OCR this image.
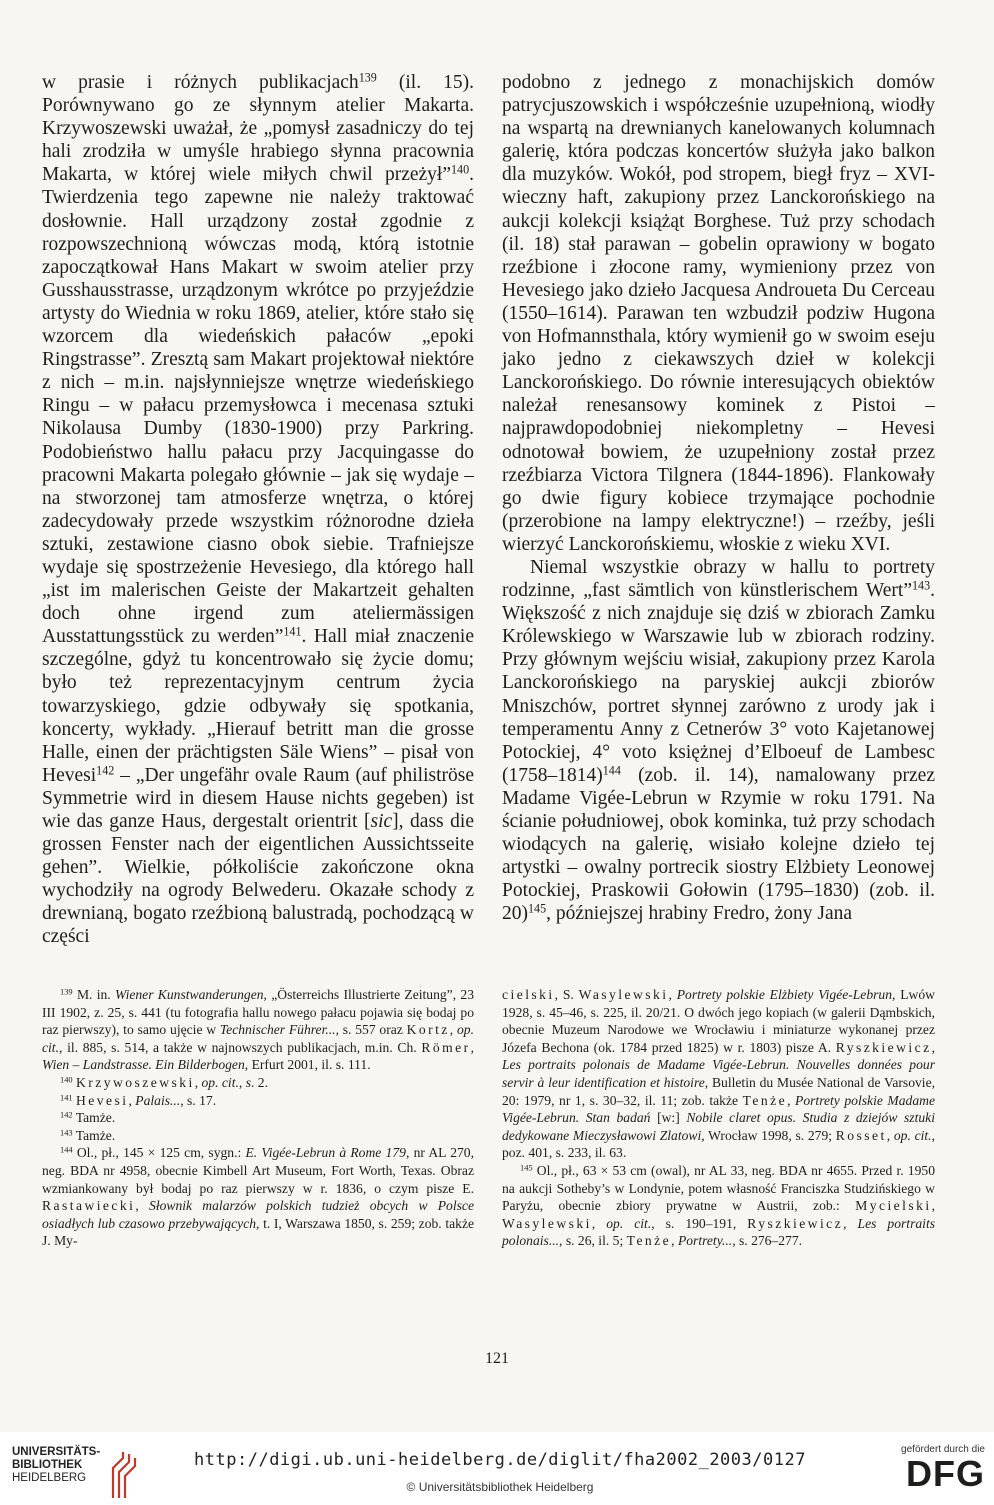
w prasie i różnych publikacjach$^{139}$ (il. 15). Porównywano go ze słynnym atelier Makarta. Krzywoszewski uważał, że „pomysł zasadniczy do tej hali zrodziła w umyśle hrabiego słynna pracownia Makarta, w której wiele miłych chwil przeżył”$^{140}$. Twierdzenia tego zapewne nie należy traktować dosłownie. Hall urządzony został zgodnie z rozpowszechnioną wówczas modą, którą istotnie zapoczątkował Hans Makart w swoim atelier przy Gusshausstrasse, urządzonym wkrótce po przyjeździe artysty do Wiednia w roku 1869, atelier, które stało się wzorcem dla wiedeńskich pałaców „epoki Ringstrasse”. Zresztą sam Makart projektował niektóre z nich – m.in. najsłynniejsze wnętrze wiedeńskiego Ringu – w pałacu przemysłowca i mecenasa sztuki Nikolausa Dumby (1830-1900) przy Parkring. Podobieństwo hallu pałacu przy Jacquingasse do pracowni Makarta polegało głównie – jak się wydaje – na stworzonej tam atmosferze wnętrza, o której zadecydowały przede wszystkim różnorodne dzieła sztuki, zestawione ciasno obok siebie. Trafniejsze wydaje się spostrzeżenie Hevesiego, dla którego hall „ist im malerischen Geiste der Makartzeit gehalten doch ohne irgend zum ateliermässigen Ausstattungsstück zu werden”$^{141}$. Hall miał znaczenie szczególne, gdyż tu koncentrowało się życie domu; było też reprezentacyjnym centrum życia towarzyskiego, gdzie odbywały się spotkania, koncerty, wykłady. „Hierauf betritt man die grosse Halle, einen der prächtigsten Säle Wiens” – pisał von Hevesi$^{142}$ – „Der ungefähr ovale Raum (auf philiströse Symmetrie wird in diesem Hause nichts gegeben) ist wie das ganze Haus, dergestalt orientrit [sic], dass die grossen Fenster nach der eigentlichen Aussichtsseite gehen”. Wielkie, półkoliście zakończone okna wychodziły na ogrody Belwederu. Okazałe schody z drewnianą, bogato rzeźbioną balustradą, pochodzącą w części

podobno z jednego z monachijskich domów patrycjuszowskich i współcześnie uzupełnioną, wiodły na wspartą na drewnianych kanelowanych kolumnach galerię, która podczas koncertów służyła jako balkon dla muzyków. Wokół, pod stropem, biegł fryz – XVI-wieczny haft, zakupiony przez Lanckorońskiego na aukcji kolekcji książąt Borghese. Tuż przy schodach (il. 18) stał parawan – gobelin oprawiony w bogato rzeźbione i złocone ramy, wymieniony przez von Hevesiego jako dzieło Jacquesa Androueta Du Cerceau (1550–1614). Parawan ten wzbudził podziw Hugona von Hofmannsthala, który wymienił go w swoim eseju jako jedno z ciekawszych dzieł w kolekcji Lanckorońskiego. Do równie interesujących obiektów należał renesansowy kominek z Pistoi – najprawdopodobniej niekompletny – Hevesi odnotował bowiem, że uzupełniony został przez rzeźbiarza Victora Tilgnera (1844-1896). Flankowały go dwie figury kobiece trzymające pochodnie (przerobione na lampy elektryczne!) – rzeźby, jeśli wierzyć Lanckorońskiemu, włoskie z wieku XVI.

Niemal wszystkie obrazy w hallu to portrety rodzinne, „fast sämtlich von künstlerischem Wert”$^{143}$. Większość z nich znajduje się dziś w zbiorach Zamku Królewskiego w Warszawie lub w zbiorach rodziny. Przy głównym wejściu wisiał, zakupiony przez Karola Lanckorońskiego na paryskiej aukcji zbiorów Mniszchów, portret słynnej zarówno z urody jak i temperamentu Anny z Cetnerów 3° voto Kajetanowej Potockiej, 4° voto księżnej d’Elboeuf de Lambesc (1758–1814)$^{144}$ (zob. il. 14), namalowany przez Madame Vigée-Lebrun w Rzymie w roku 1791. Na ścianie południowej, obok kominka, tuż przy schodach wiodących na galerię, wisiało kolejne dzieło tej artystki – owalny portrecik siostry Elżbiety Leonowej Potockiej, Praskowii Gołowin (1795–1830) (zob. il. 20)$^{145}$, późniejszej hrabiny Fredro, żony Jana

$^{139}$ M. in. Wiener Kunstwanderungen, „Österreichs Illustrierte Zeitung”, 23 III 1902, z. 25, s. 441 (tu fotografia hallu nowego pałacu pojawia się bodaj po raz pierwszy), to samo ujęcie w Technischer Führer..., s. 557 oraz Kortz, op. cit., il. 885, s. 514, a także w najnowszych publikacjach, m.in. Ch. Römer, Wien – Landstrasse. Ein Bilderbogen, Erfurt 2001, il. s. 111.

$^{140}$ Krzywoszewski, op. cit., s. 2.

$^{141}$ Hevesi, Palais..., s. 17.

$^{142}$ Tamże.

$^{143}$ Tamże.

$^{144}$ Ol., pł., 145 × 125 cm, sygn.: E. Vigée-Lebrun à Rome 179, nr AL 270, neg. BDA nr 4958, obecnie Kimbell Art Museum, Fort Worth, Texas. Obraz wzmiankowany był bodaj po raz pierwszy w r. 1836, o czym pisze E. Rastawiecki, Słownik malarzów polskich tudzież obcych w Polsce osiadłych lub czasowo przebywających, t. I, Warszawa 1850, s. 259; zob. także J. My-

cielski, S. Wasylewski, Portrety polskie Elżbiety Vigée-Lebrun, Lwów 1928, s. 45–46, s. 225, il. 20/21. O dwóch jego kopiach (w galerii Dąmbskich, obecnie Muzeum Narodowe we Wrocławiu i miniaturze wykonanej przez Józefa Bechona (ok. 1784 przed 1825) w r. 1803) pisze A. Ryszkiewicz, Les portraits polonais de Madame Vigée-Lebrun. Nouvelles données pour servir à leur identification et histoire, Bulletin du Musée National de Varsovie, 20: 1979, nr 1, s. 30–32, il. 11; zob. także Tenże, Portrety polskie Madame Vigée-Lebrun. Stan badań [w:] Nobile claret opus. Studia z dziejów sztuki dedykowane Mieczysławowi Zlatowi, Wrocław 1998, s. 279; Rosset, op. cit., poz. 401, s. 233, il. 63.

$^{145}$ Ol., pł., 63 × 53 cm (owal), nr AL 33, neg. BDA nr 4655. Przed r. 1950 na aukcji Sotheby’s w Londynie, potem własność Franciszka Studzińskiego w Paryżu, obecnie zbiory prywatne w Austrii, zob.: Mycielski, Wasylewski, op. cit., s. 190–191, Ryszkiewicz, Les portraits polonais..., s. 26, il. 5; Tenże, Portrety..., s. 276–277.

121
UNIVERSITÄTS-
BIBLIOTHEK
HEIDELBERG
http://digi.ub.uni-heidelberg.de/diglit/fha2002_2003/0127
© Universitätsbibliothek Heidelberg
gefördert durch die
DFG
